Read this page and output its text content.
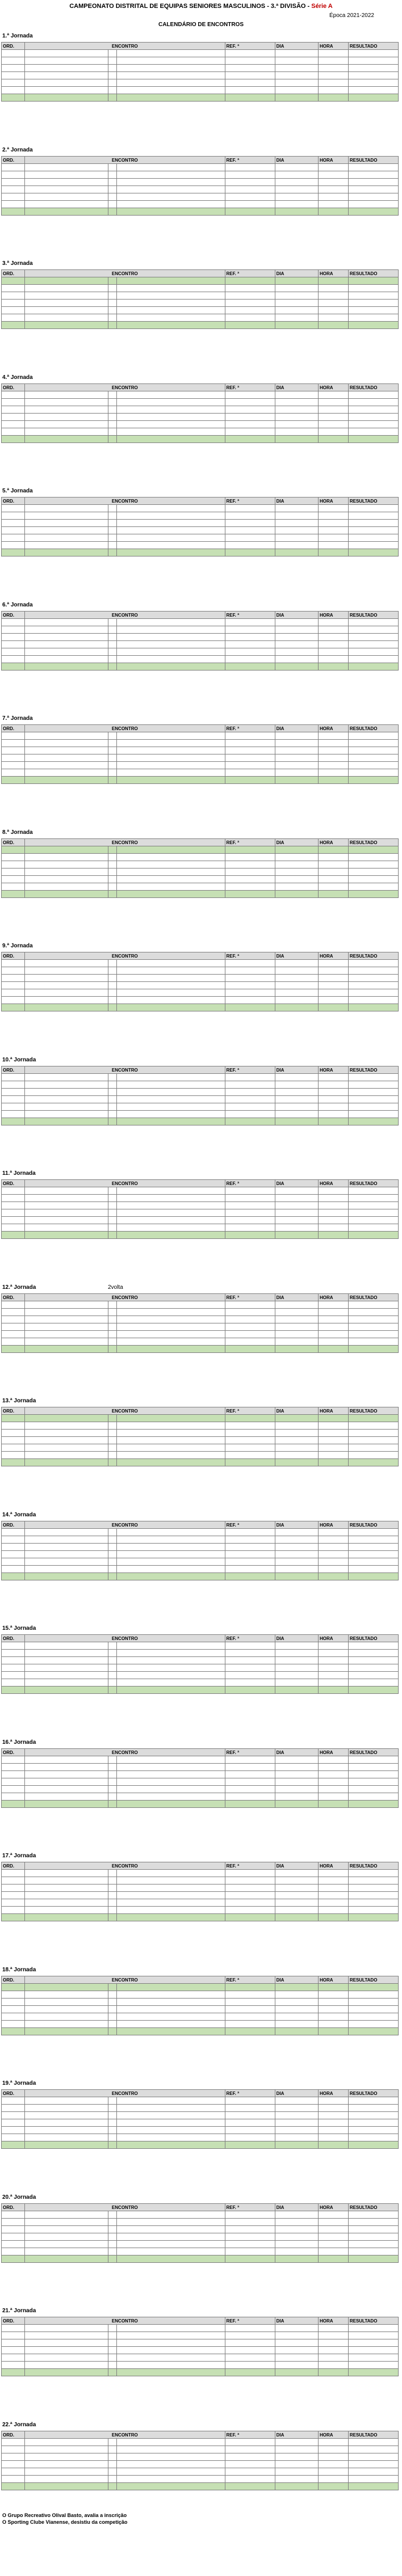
CAMPEONATO DISTRITAL DE EQUIPAS SENIORES MASCULINOS - 3.ª DIVISÃO - Série A
Época 2021-2022
CALENDÁRIO DE ENCONTROS
1.ª Jornada
ORD.	ENCONTRO			REF. ª	DIA	HORA	RESULTADO

2.ª Jornada
ORD.	ENCONTRO			REF. ª	DIA	HORA	RESULTADO

3.ª Jornada
ORD.	ENCONTRO			REF. ª	DIA	HORA	RESULTADO

4.ª Jornada
ORD.	ENCONTRO			REF. ª	DIA	HORA	RESULTADO

5.ª Jornada
ORD.	ENCONTRO			REF. ª	DIA	HORA	RESULTADO

6.ª Jornada
ORD.	ENCONTRO			REF. ª	DIA	HORA	RESULTADO

7.ª Jornada
ORD.	ENCONTRO			REF. ª	DIA	HORA	RESULTADO

8.ª Jornada
ORD.	ENCONTRO			REF. ª	DIA	HORA	RESULTADO

9.ª Jornada
ORD.	ENCONTRO			REF. ª	DIA	HORA	RESULTADO

10.ª Jornada
ORD.	ENCONTRO			REF. ª	DIA	HORA	RESULTADO

11.ª Jornada
ORD.	ENCONTRO			REF. ª	DIA	HORA	RESULTADO

12.ª Jornada
ORD.	ENCONTRO			REF. ª	DIA	HORA	RESULTADO

13.ª Jornada
ORD.	ENCONTRO			REF. ª	DIA	HORA	RESULTADO

14.ª Jornada
ORD.	ENCONTRO			REF. ª	DIA	HORA	RESULTADO

15.ª Jornada
ORD.	ENCONTRO			REF. ª	DIA	HORA	RESULTADO

16.ª Jornada
ORD.	ENCONTRO			REF. ª	DIA	HORA	RESULTADO

17.ª Jornada
ORD.	ENCONTRO			REF. ª	DIA	HORA	RESULTADO

18.ª Jornada
ORD.	ENCONTRO			REF. ª	DIA	HORA	RESULTADO

19.ª Jornada
ORD.	ENCONTRO			REF. ª	DIA	HORA	RESULTADO

20.ª Jornada
ORD.	ENCONTRO			REF. ª	DIA	HORA	RESULTADO

21.ª Jornada
ORD.	ENCONTRO			REF. ª	DIA	HORA	RESULTADO

22.ª Jornada
ORD.	ENCONTRO			REF. ª	DIA	HORA	RESULTADO

2volta
O Grupo Recreativo Olival Basto, avalia a inscrição
O Sporting Clube Vianense, desistiu da competição
